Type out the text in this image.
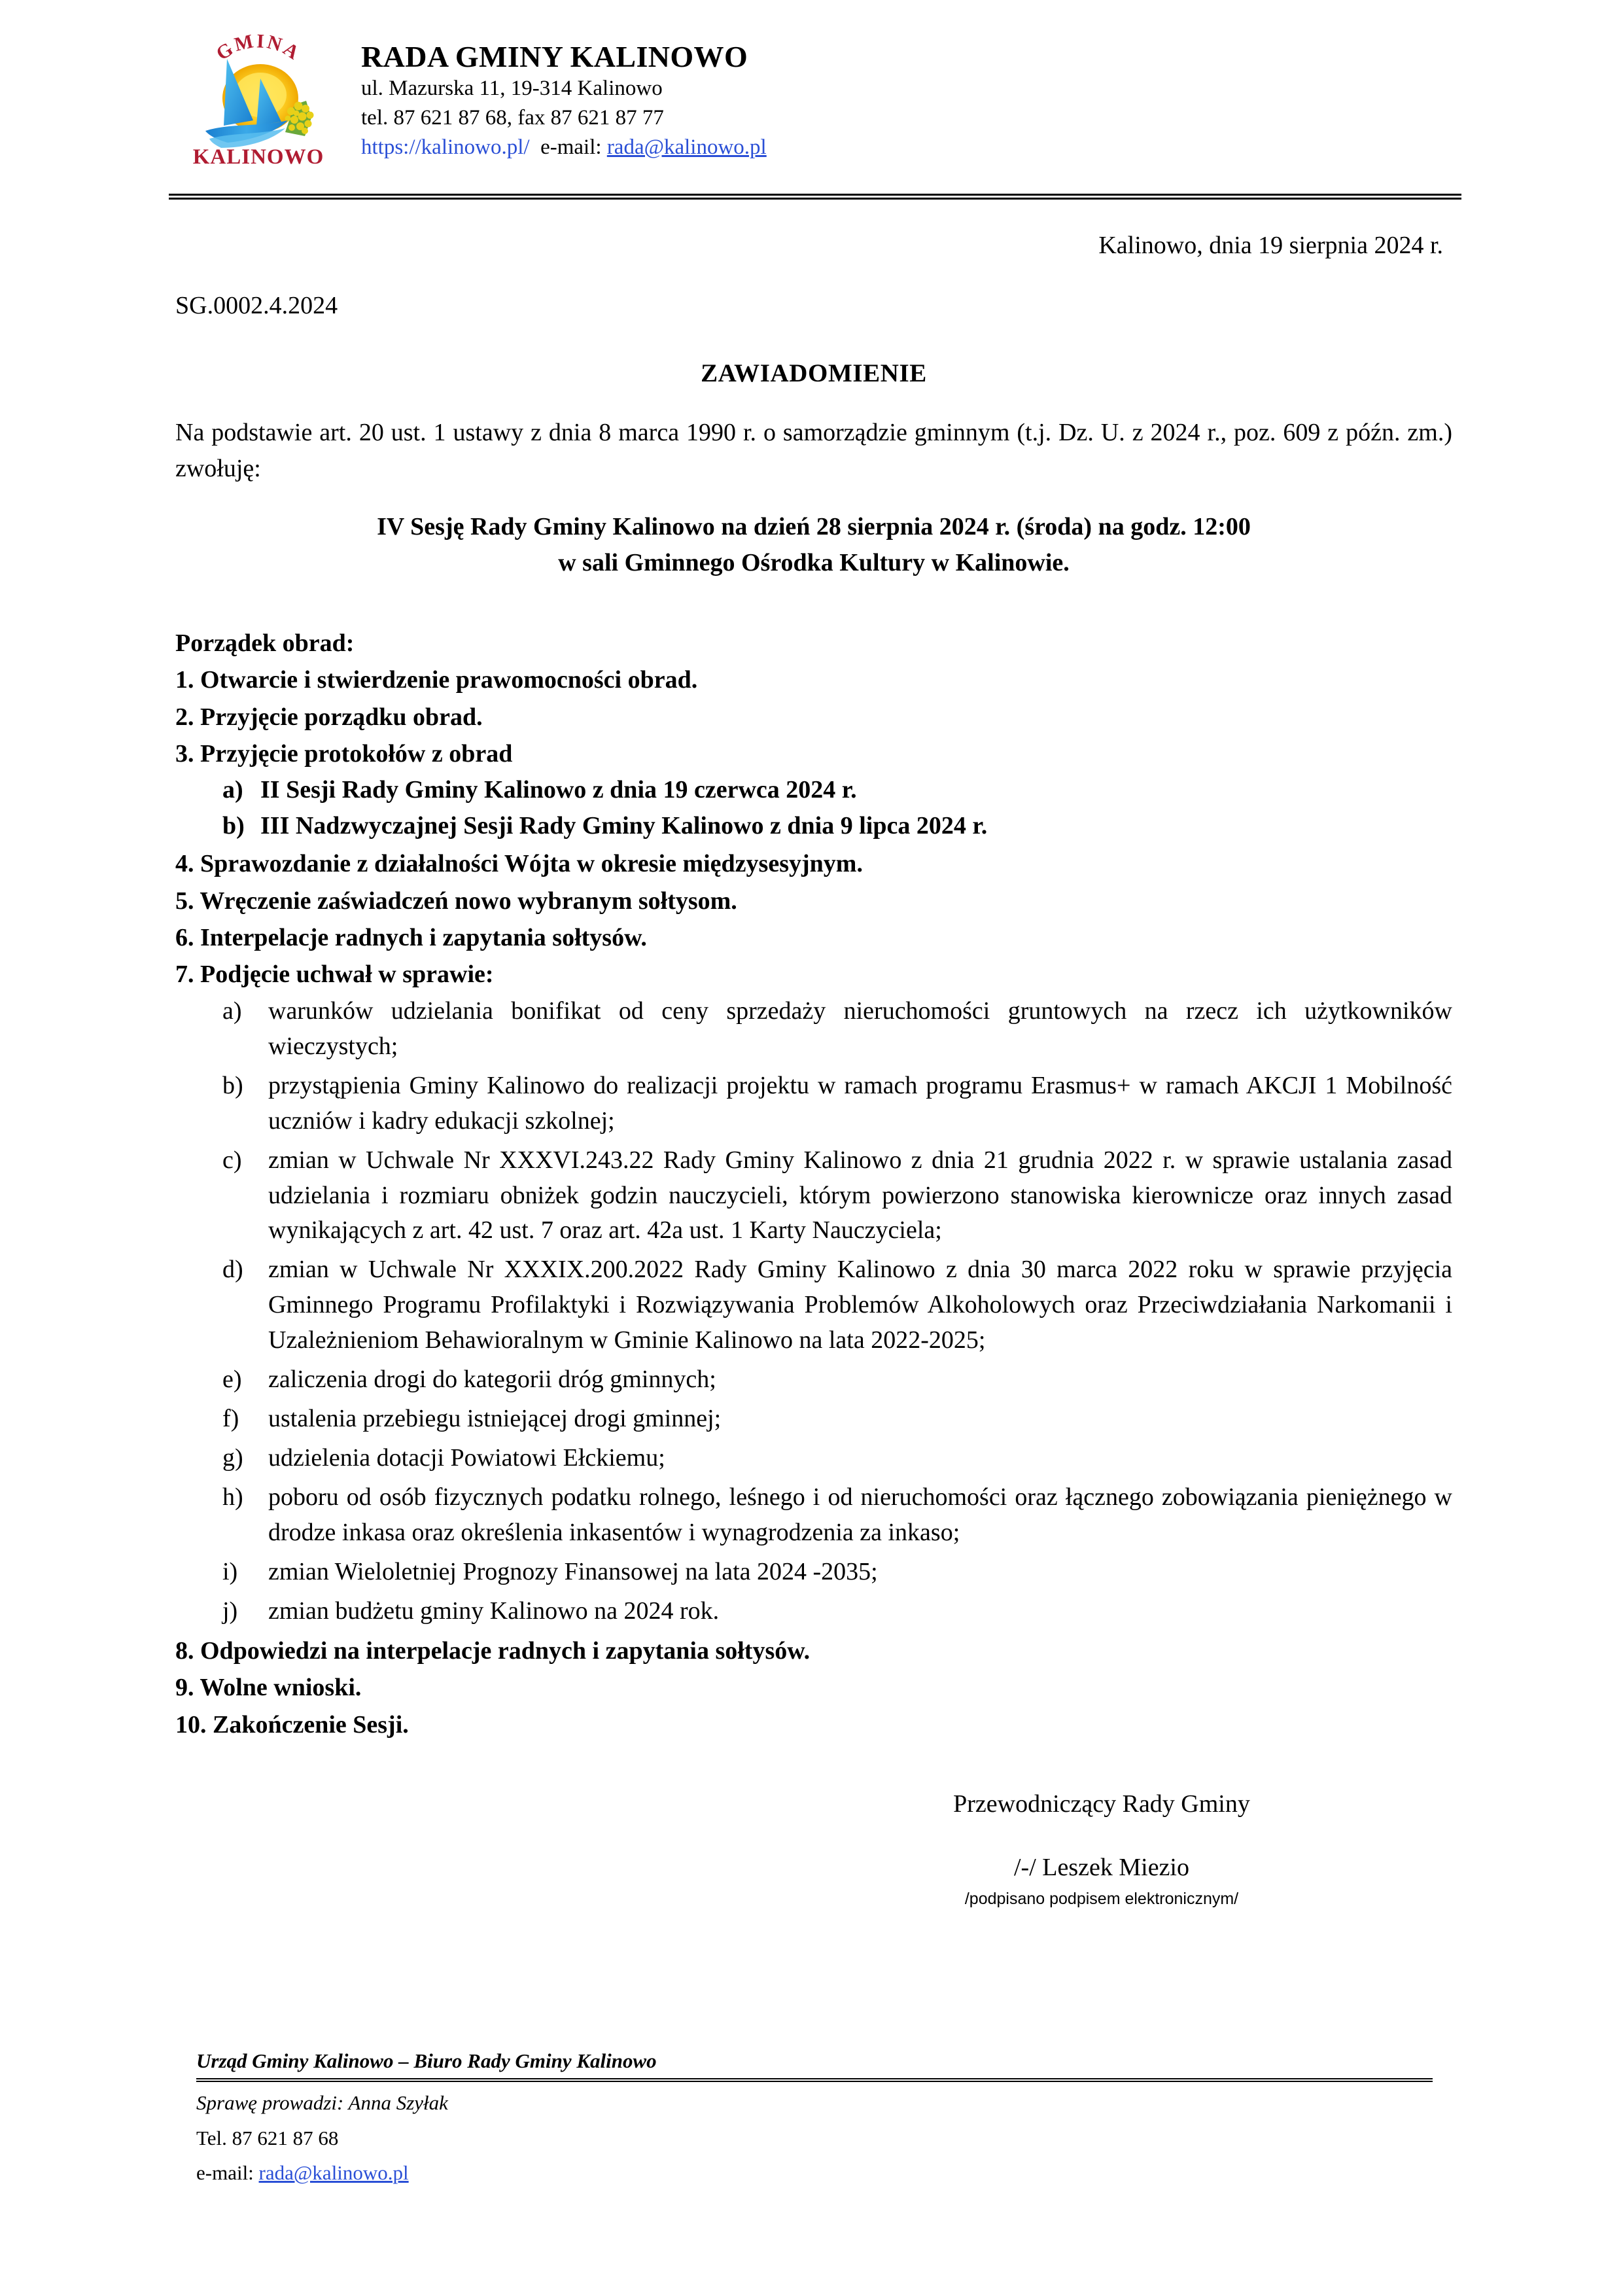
GMINA
KALINOWO
RADA GMINY KALINOWO
ul. Mazurska 11, 19-314 Kalinowo
tel. 87 621 87 68, fax 87 621 87 77
https://kalinowo.pl/ e-mail: rada@kalinowo.pl
Kalinowo, dnia 19 sierpnia 2024 r.
SG.0002.4.2024
ZAWIADOMIENIE
Na podstawie art. 20 ust. 1 ustawy z dnia 8 marca 1990 r. o samorządzie gminnym (t.j. Dz. U. z 2024 r., poz. 609 z późn. zm.) zwołuję:
IV Sesję Rady Gminy Kalinowo na dzień 28 sierpnia 2024 r. (środa) na godz. 12:00
w sali Gminnego Ośrodka Kultury w Kalinowie.
Porządek obrad:
1. Otwarcie i stwierdzenie prawomocności obrad.
2. Przyjęcie porządku obrad.
3. Przyjęcie protokołów z obrad
a) II Sesji Rady Gminy Kalinowo z dnia 19 czerwca 2024 r.
b) III Nadzwyczajnej Sesji Rady Gminy Kalinowo z dnia 9 lipca 2024 r.
4. Sprawozdanie z działalności Wójta w okresie międzysesyjnym.
5. Wręczenie zaświadczeń nowo wybranym sołtysom.
6. Interpelacje radnych i zapytania sołtysów.
7. Podjęcie uchwał w sprawie:
a)	warunków udzielania bonifikat od ceny sprzedaży nieruchomości gruntowych na rzecz ich użytkowników wieczystych;
b)	przystąpienia Gminy Kalinowo do realizacji projektu w ramach programu Erasmus+ w ramach AKCJI 1 Mobilność uczniów i kadry edukacji szkolnej;
c)	zmian w Uchwale Nr XXXVI.243.22 Rady Gminy Kalinowo z dnia 21 grudnia 2022 r. w sprawie ustalania zasad udzielania i rozmiaru obniżek godzin nauczycieli, którym powierzono stanowiska kierownicze oraz innych zasad wynikających z art. 42 ust. 7 oraz art. 42a ust. 1 Karty Nauczyciela;
d)	zmian w Uchwale Nr XXXIX.200.2022 Rady Gminy Kalinowo z dnia 30 marca 2022 roku w sprawie przyjęcia Gminnego Programu Profilaktyki i Rozwiązywania Problemów Alkoholowych oraz Przeciwdziałania Narkomanii i Uzależnieniom Behawioralnym w Gminie Kalinowo na lata 2022-2025;
e)	zaliczenia drogi do kategorii dróg gminnych;
f)	ustalenia przebiegu istniejącej drogi gminnej;
g)	udzielenia dotacji Powiatowi Ełckiemu;
h)	poboru od osób fizycznych podatku rolnego, leśnego i od nieruchomości oraz łącznego zobowiązania pieniężnego w drodze inkasa oraz określenia inkasentów i wynagrodzenia za inkaso;
i)	zmian Wieloletniej Prognozy Finansowej na lata 2024 -2035;
j)	zmian budżetu gminy Kalinowo na 2024 rok.
8. Odpowiedzi na interpelacje radnych i zapytania sołtysów.
9. Wolne wnioski.
10. Zakończenie Sesji.
Przewodniczący Rady Gminy
/-/ Leszek Miezio
/podpisano podpisem elektronicznym/
Urząd Gminy Kalinowo – Biuro Rady Gminy Kalinowo
Sprawę prowadzi: Anna Szyłak
Tel. 87 621 87 68
e-mail: rada@kalinowo.pl
